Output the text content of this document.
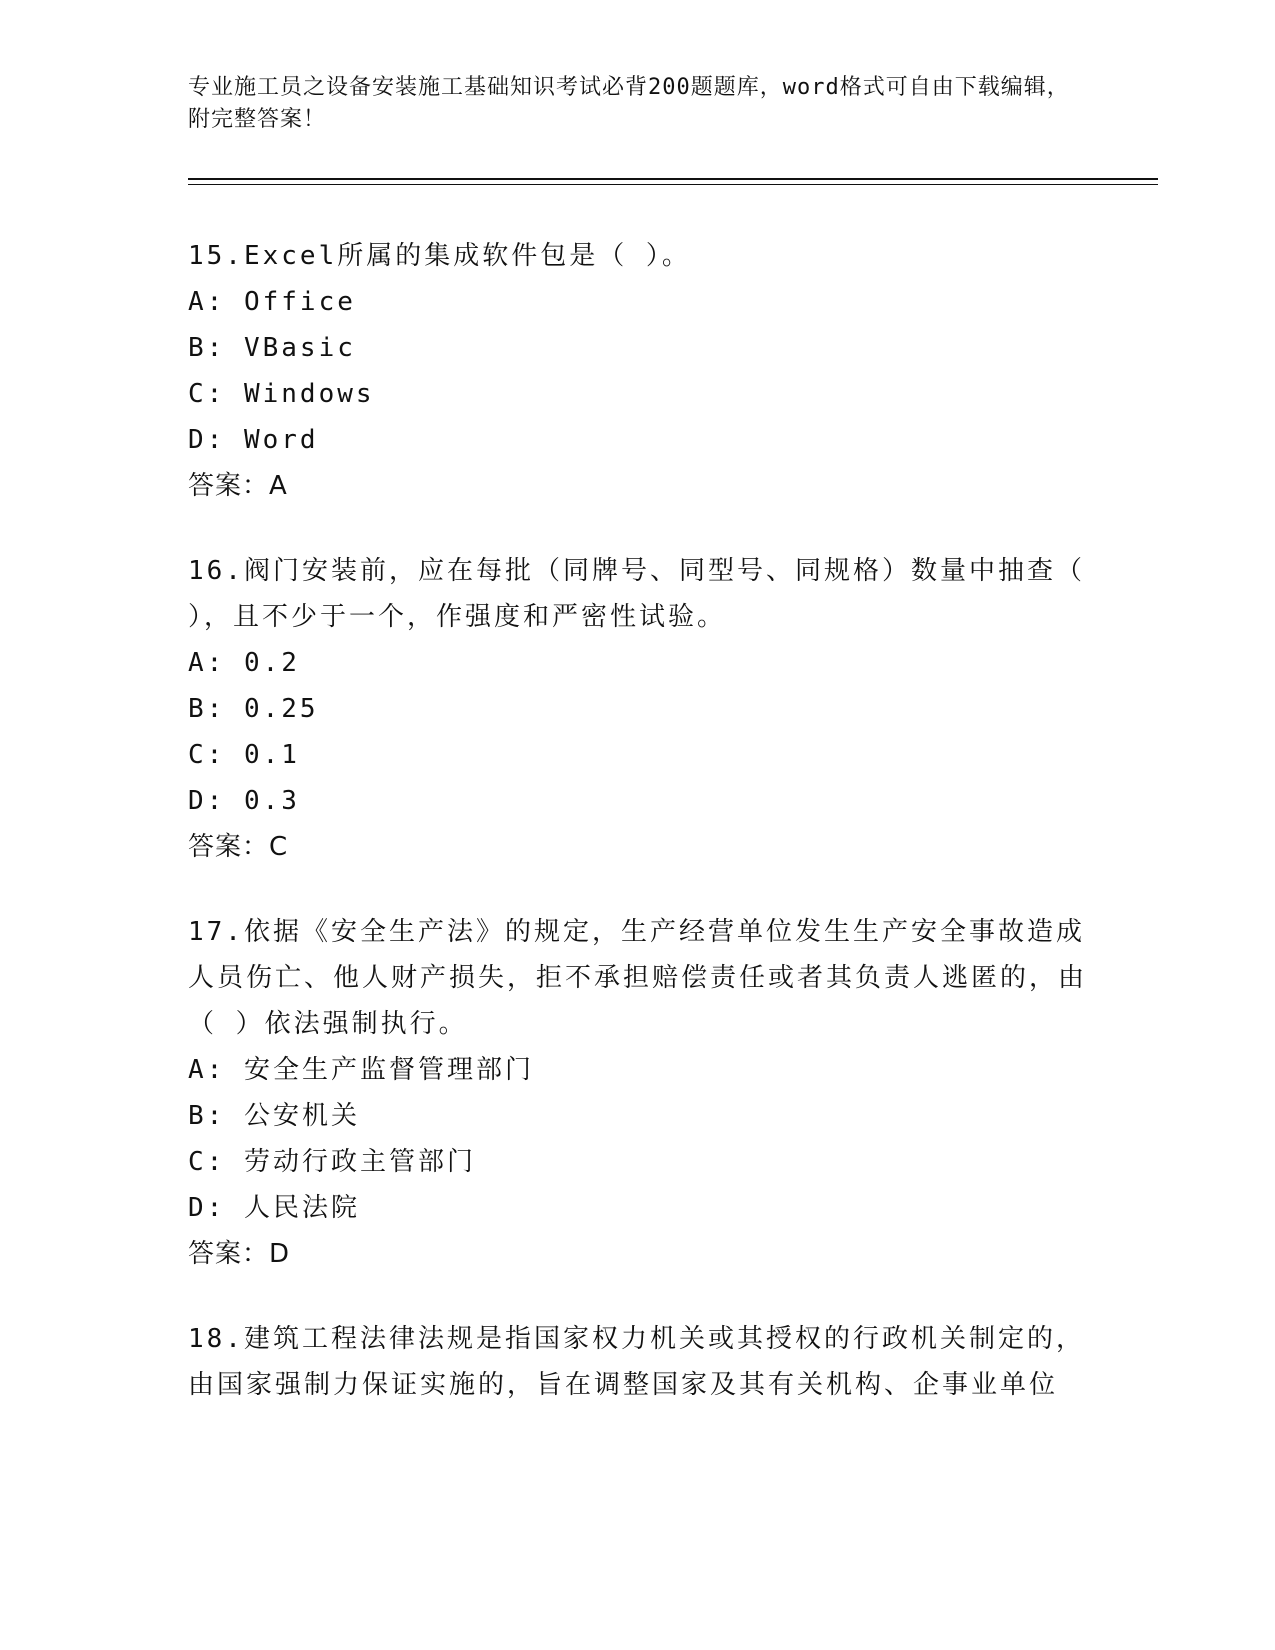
专业施工员之设备安装施工基础知识考试必背200题题库，word格式可自由下载编辑，附完整答案！
15.Excel所属的集成软件包是（ ）。
A: Office
B: VBasic
C: Windows
D: Word
答案：A
16.阀门安装前，应在每批（同牌号、同型号、同规格）数量中抽查（ ），且不少于一个，作强度和严密性试验。
A: 0.2
B: 0.25
C: 0.1
D: 0.3
答案：C
17.依据《安全生产法》的规定，生产经营单位发生生产安全事故造成人员伤亡、他人财产损失，拒不承担赔偿责任或者其负责人逃匿的，由（ ）依法强制执行。
A: 安全生产监督管理部门
B: 公安机关
C: 劳动行政主管部门
D: 人民法院
答案：D
18.建筑工程法律法规是指国家权力机关或其授权的行政机关制定的，由国家强制力保证实施的，旨在调整国家及其有关机构、企事业单位
